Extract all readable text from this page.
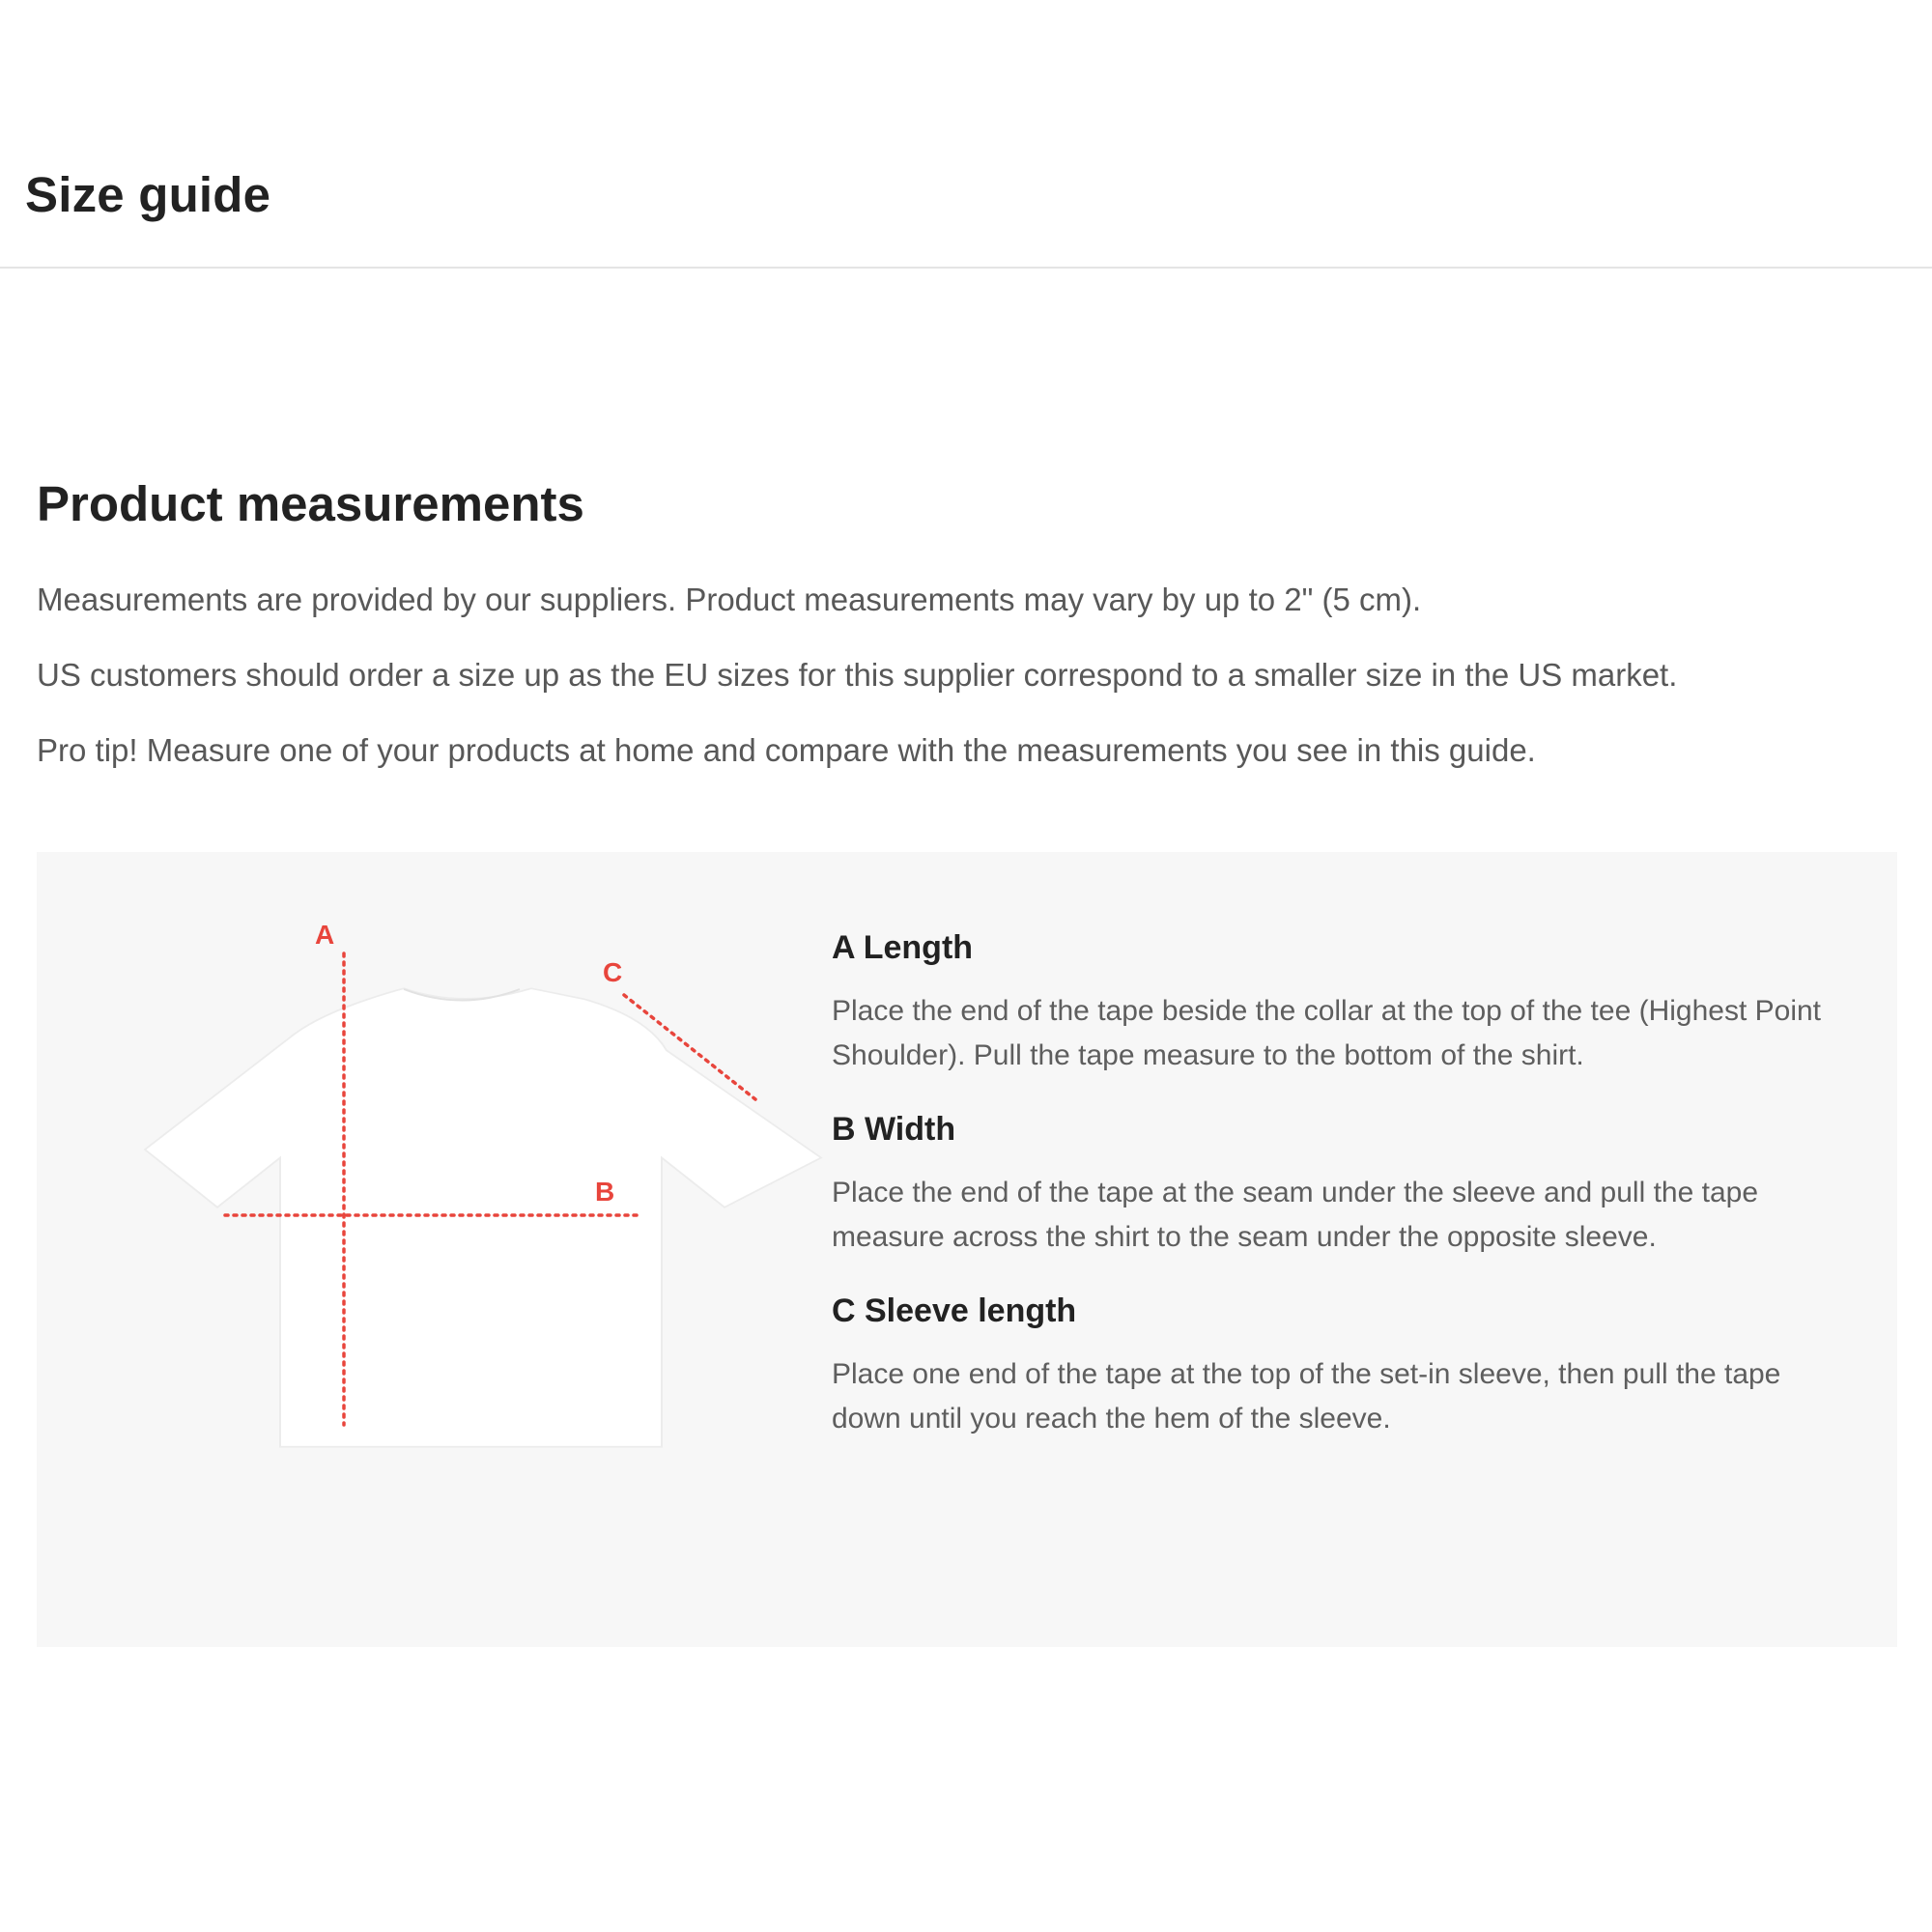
Size guide
Product measurements

Measurements are provided by our suppliers. Product measurements may vary by up to 2" (5 cm).

US customers should order a size up as the EU sizes for this supplier correspond to a smaller size in the US market.

Pro tip! Measure one of your products at home and compare with the measurements you see in this guide.

A
B
C
A Length

Place the end of the tape beside the collar at the top of the tee (Highest Point Shoulder). Pull the tape measure to the bottom of the shirt.

B Width

Place the end of the tape at the seam under the sleeve and pull the tape measure across the shirt to the seam under the opposite sleeve.

C Sleeve length

Place one end of the tape at the top of the set-in sleeve, then pull the tape down until you reach the hem of the sleeve.
